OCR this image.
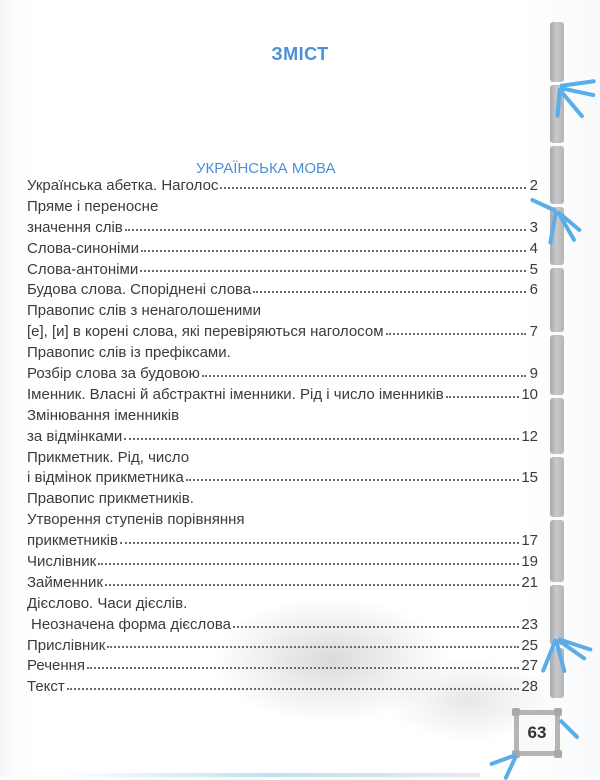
ЗМІСТ
УКРАЇНСЬКА МОВА
Українська абетка. Наголос	2
Пряме і переносне
значення слів	3
Слова-синоніми	4
Слова-антоніми	5
Будова слова. Споріднені слова	6
Правопис слів з ненаголошеними
[е], [и] в корені слова, які перевіряються наголосом	7
Правопис слів із префіксами.
Розбір слова за будовою	9
Іменник. Власні й абстрактні іменники. Рід і число іменників	10
Змінювання іменників
за відмінками	12
Прикметник. Рід, число
і відмінок прикметника	15
Правопис прикметників.
Утворення ступенів порівняння
прикметників	17
Числівник	19
Займенник	21
Дієслово. Часи дієслів.
Неозначена форма дієслова	23
Прислівник	25
Речення	27
Текст	28
63
